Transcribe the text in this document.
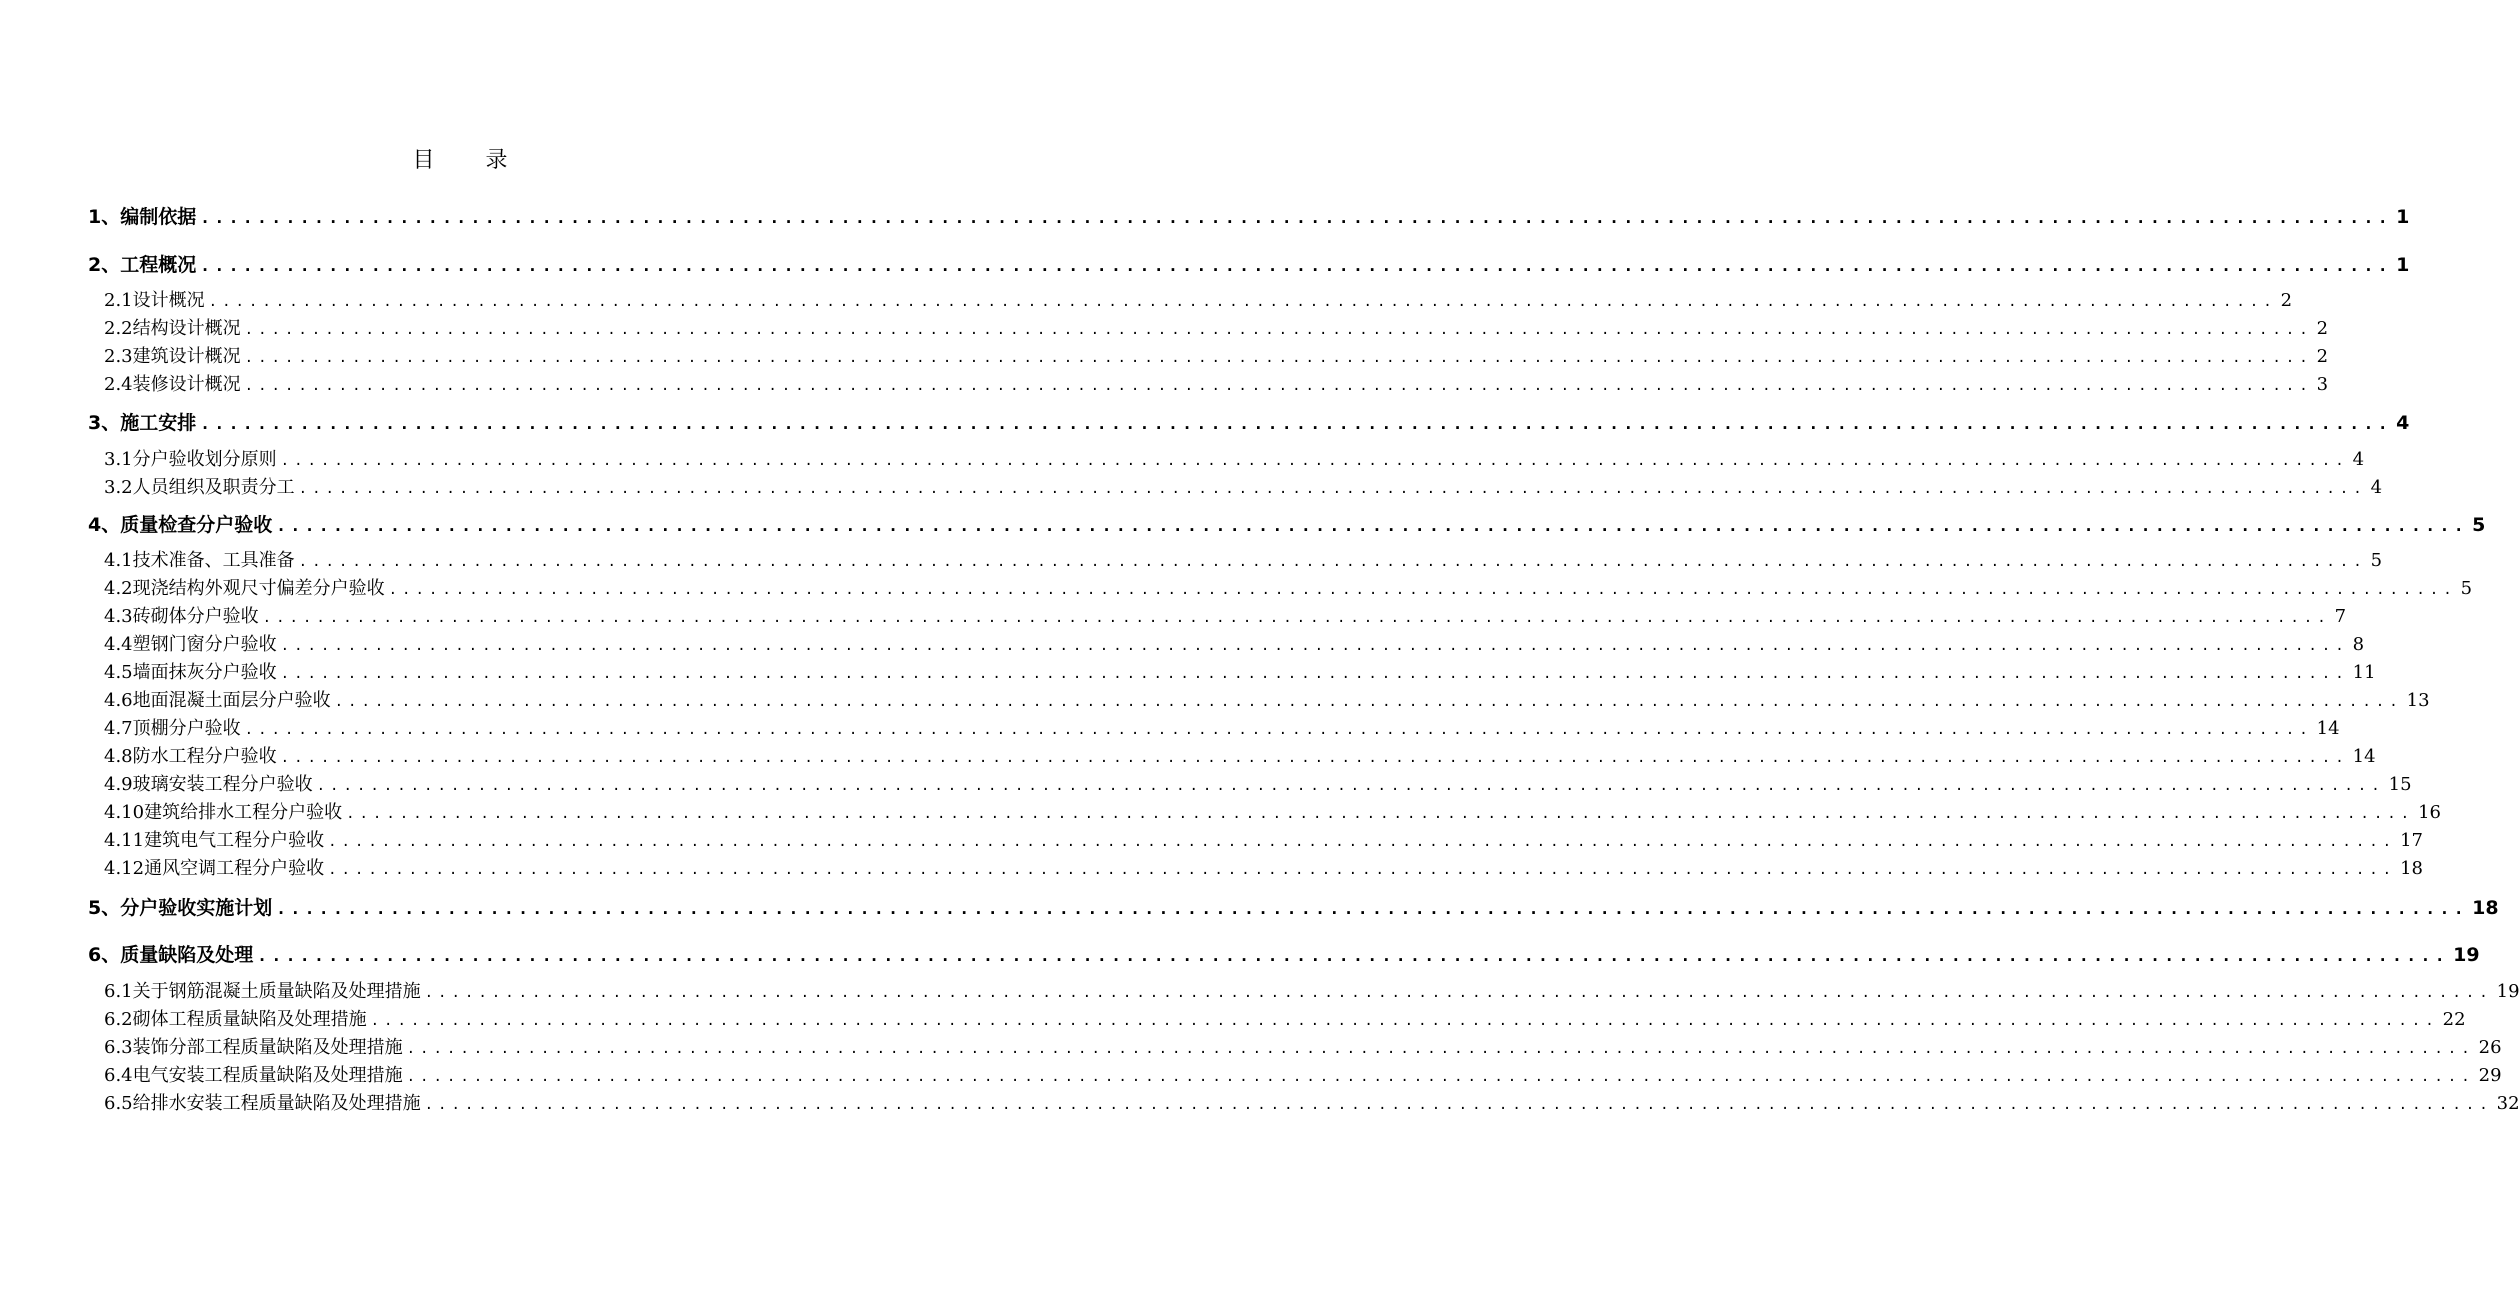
目 录
1、编制依据 .......................................................................................................................................................... 1
2、工程概况 .......................................................................................................................................................... 1
2.1设计概况 .......................................................................................................................................................... 2
2.2结构设计概况 .......................................................................................................................................................... 2
2.3建筑设计概况 .......................................................................................................................................................... 2
2.4装修设计概况 .......................................................................................................................................................... 3
3、施工安排 .......................................................................................................................................................... 4
3.1分户验收划分原则 .......................................................................................................................................................... 4
3.2人员组织及职责分工 .......................................................................................................................................................... 4
4、质量检查分户验收 .......................................................................................................................................................... 5
4.1技术准备、工具准备 .......................................................................................................................................................... 5
4.2现浇结构外观尺寸偏差分户验收 .......................................................................................................................................................... 5
4.3砖砌体分户验收 .......................................................................................................................................................... 7
4.4塑钢门窗分户验收 .......................................................................................................................................................... 8
4.5墙面抹灰分户验收 .......................................................................................................................................................... 11
4.6地面混凝土面层分户验收 .......................................................................................................................................................... 13
4.7顶棚分户验收 .......................................................................................................................................................... 14
4.8防水工程分户验收 .......................................................................................................................................................... 14
4.9玻璃安装工程分户验收 .......................................................................................................................................................... 15
4.10建筑给排水工程分户验收 .......................................................................................................................................................... 16
4.11建筑电气工程分户验收 .......................................................................................................................................................... 17
4.12通风空调工程分户验收 .......................................................................................................................................................... 18
5、分户验收实施计划 .......................................................................................................................................................... 18
6、质量缺陷及处理 .......................................................................................................................................................... 19
6.1关于钢筋混凝土质量缺陷及处理措施 .......................................................................................................................................................... 19
6.2砌体工程质量缺陷及处理措施 .......................................................................................................................................................... 22
6.3装饰分部工程质量缺陷及处理措施 .......................................................................................................................................................... 26
6.4电气安装工程质量缺陷及处理措施 .......................................................................................................................................................... 29
6.5给排水安装工程质量缺陷及处理措施 .......................................................................................................................................................... 32
